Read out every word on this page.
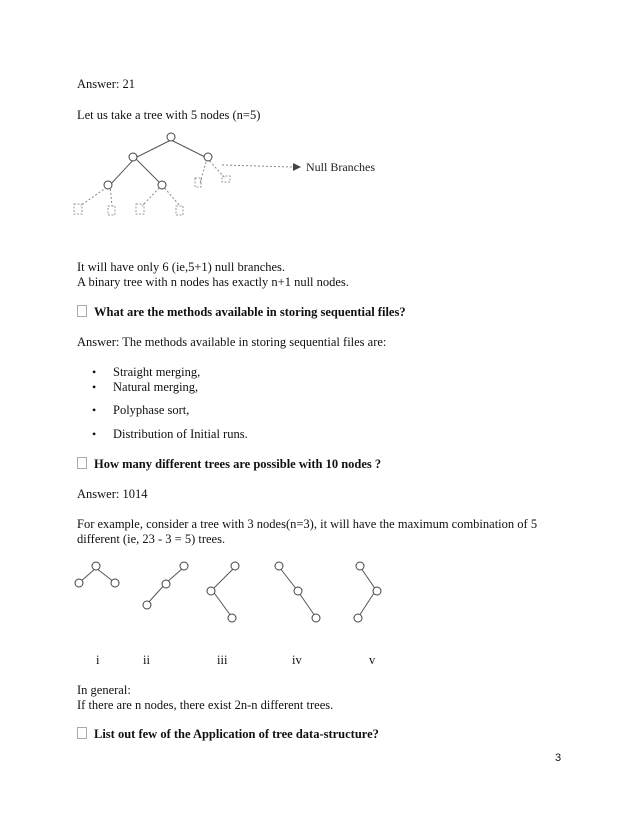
Answer: 21
Let us take a tree with 5 nodes (n=5)
Null Branches
It will have only 6 (ie,5+1) null branches.
A binary tree with n nodes has exactly n+1 null nodes.
What are the methods available in storing sequential files?
Answer: The methods available in storing sequential files are:
• Straight merging,
• Natural merging,
• Polyphase sort,
• Distribution of Initial runs.
How many different trees are possible with 10 nodes ?
Answer: 1014
For example, consider a tree with 3 nodes(n=3), it will have the maximum combination of 5
different (ie, 23 - 3 = 5) trees.
i	ii	iii	iv	v
In general:
If there are n nodes, there exist 2n-n different trees.
List out few of the Application of tree data-structure?
3
